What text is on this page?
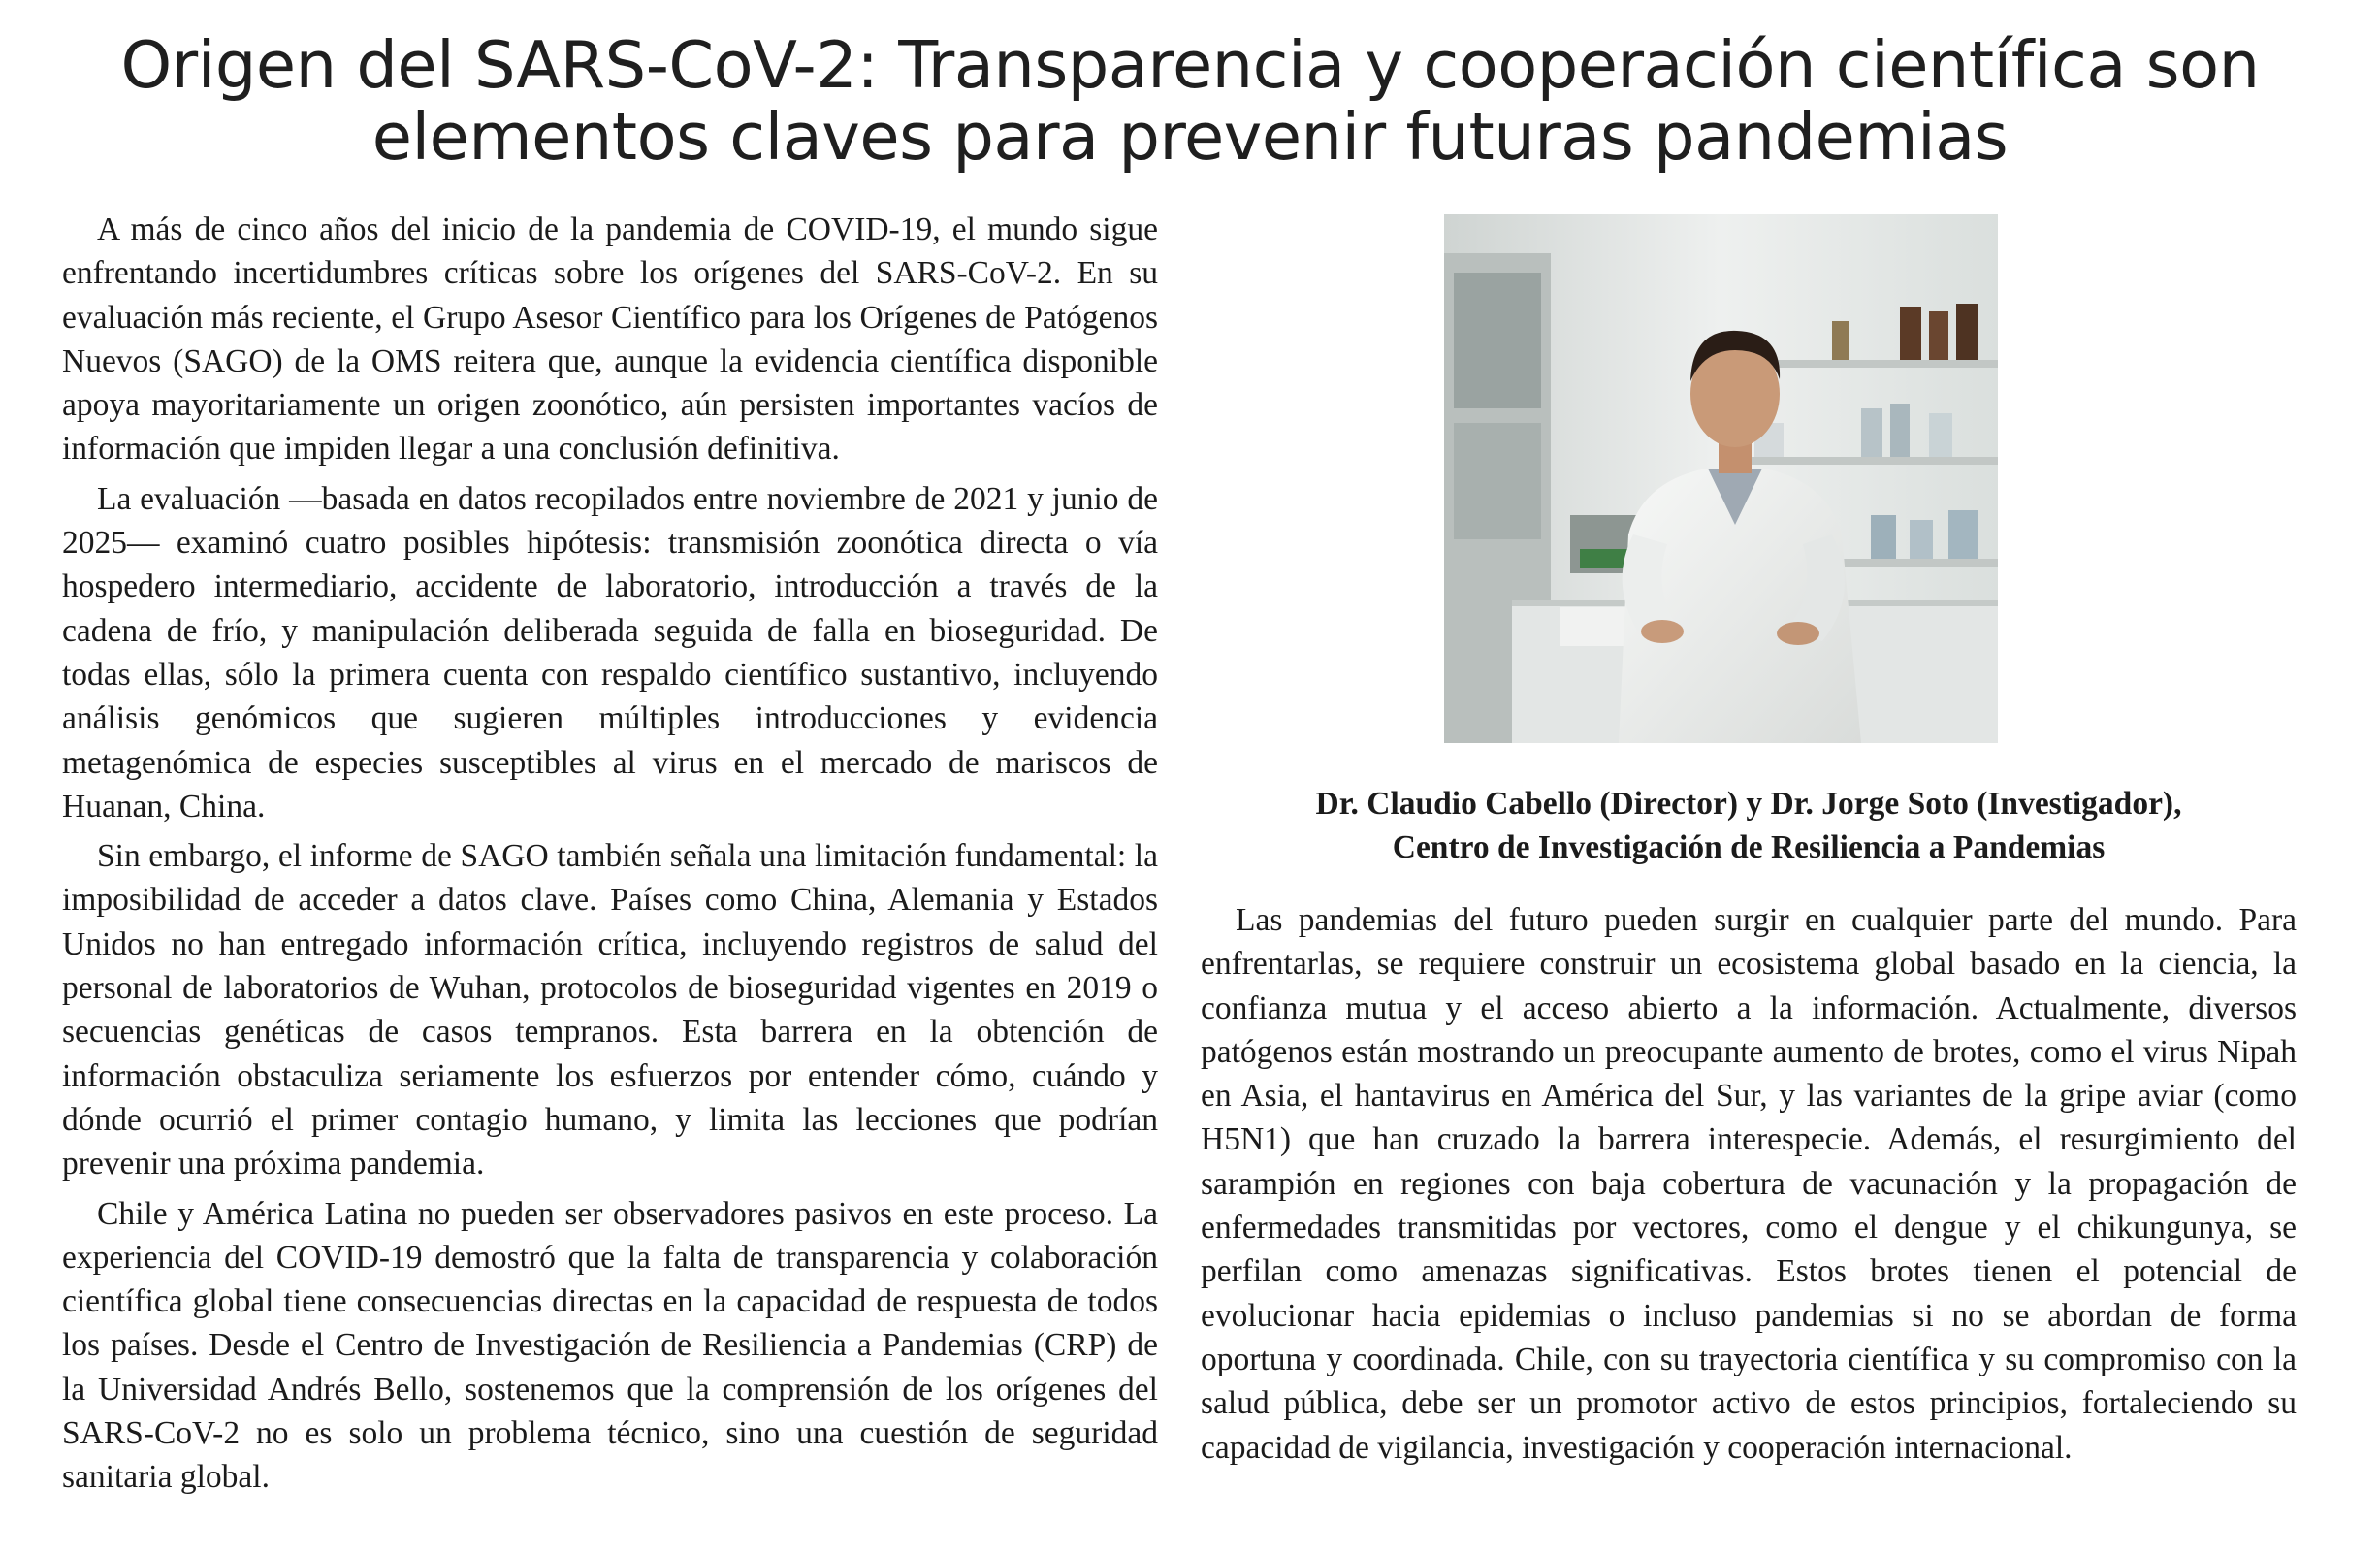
Origen del SARS-CoV-2: Transparencia y cooperación científica son
elementos claves para prevenir futuras pandemias

A más de cinco años del inicio de la pandemia de COVID-19, el mundo sigue enfrentando incertidumbres críticas sobre los orígenes del SARS-CoV-2. En su evaluación más reciente, el Grupo Asesor Científico para los Orígenes de Patógenos Nuevos (SAGO) de la OMS reitera que, aunque la evidencia científica disponible apoya mayoritariamente un origen zoonótico, aún persisten importantes vacíos de información que impiden llegar a una conclusión definitiva.

La evaluación —basada en datos recopilados entre noviembre de 2021 y junio de 2025— examinó cuatro posibles hipótesis: transmisión zoonótica directa o vía hospedero intermediario, accidente de laboratorio, introducción a través de la cadena de frío, y manipulación deliberada seguida de falla en bioseguridad. De todas ellas, sólo la primera cuenta con respaldo científico sustantivo, incluyendo análisis genómicos que sugieren múltiples introducciones y evidencia metagenómica de especies susceptibles al virus en el mercado de mariscos de Huanan, China.

Sin embargo, el informe de SAGO también señala una limitación fundamental: la imposibilidad de acceder a datos clave. Países como China, Alemania y Estados Unidos no han entregado información crítica, incluyendo registros de salud del personal de laboratorios de Wuhan, protocolos de bioseguridad vigentes en 2019 o secuencias genéticas de casos tempranos. Esta barrera en la obtención de información obstaculiza seriamente los esfuerzos por entender cómo, cuándo y dónde ocurrió el primer contagio humano, y limita las lecciones que podrían prevenir una próxima pandemia.

Chile y América Latina no pueden ser observadores pasivos en este proceso. La experiencia del COVID-19 demostró que la falta de transparencia y colaboración científica global tiene consecuencias directas en la capacidad de respuesta de todos los países. Desde el Centro de Investigación de Resiliencia a Pandemias (CRP) de la Universidad Andrés Bello, sostenemos que la comprensión de los orígenes del SARS-CoV-2 no es solo un problema técnico, sino una cuestión de seguridad sanitaria global.

Dr. Claudio Cabello (Director) y Dr. Jorge Soto (Investigador),
Centro de Investigación de Resiliencia a Pandemias

Las pandemias del futuro pueden surgir en cualquier parte del mundo. Para enfrentarlas, se requiere construir un ecosistema global basado en la ciencia, la confianza mutua y el acceso abierto a la información. Actualmente, diversos patógenos están mostrando un preocupante aumento de brotes, como el virus Nipah en Asia, el hantavirus en América del Sur, y las variantes de la gripe aviar (como H5N1) que han cruzado la barrera interespecie. Además, el resurgimiento del sarampión en regiones con baja cobertura de vacunación y la propagación de enfermedades transmitidas por vectores, como el dengue y el chikungunya, se perfilan como amenazas significativas. Estos brotes tienen el potencial de evolucionar hacia epidemias o incluso pandemias si no se abordan de forma oportuna y coordinada. Chile, con su trayectoria científica y su compromiso con la salud pública, debe ser un promotor activo de estos principios, fortaleciendo su capacidad de vigilancia, investigación y cooperación internacional.
